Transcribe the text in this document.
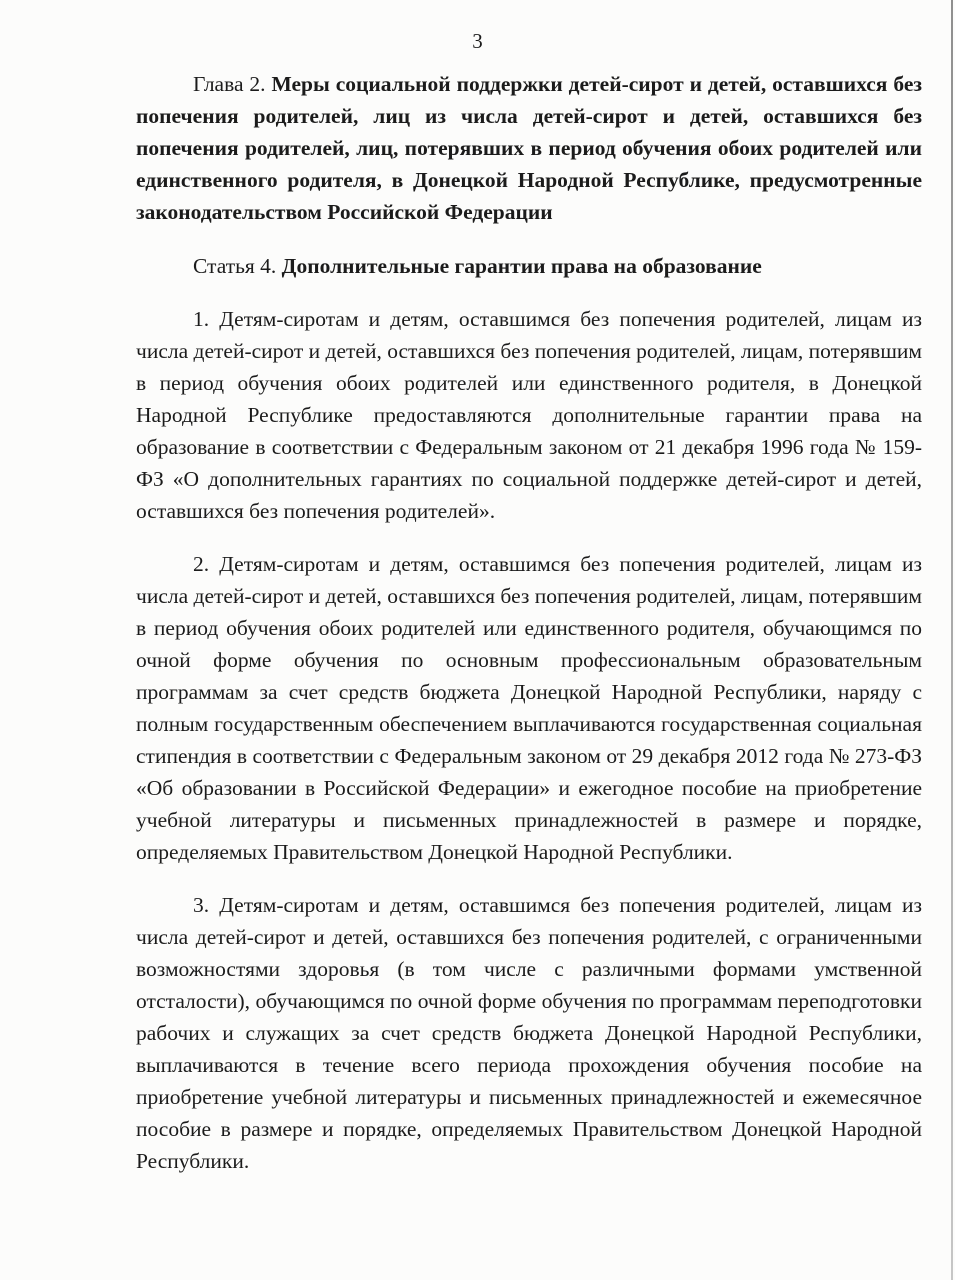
3

Глава 2. Меры социальной поддержки детей-сирот и детей, оставшихся без попечения родителей, лиц из числа детей-сирот и детей, оставшихся без попечения родителей, лиц, потерявших в период обучения обоих родителей или единственного родителя, в Донецкой Народной Республике, предусмотренные законодательством Российской Федерации

Статья 4. Дополнительные гарантии права на образование

1. Детям-сиротам и детям, оставшимся без попечения родителей, лицам из числа детей-сирот и детей, оставшихся без попечения родителей, лицам, потерявшим в период обучения обоих родителей или единственного родителя, в Донецкой Народной Республике предоставляются дополнительные гарантии права на образование в соответствии с Федеральным законом от 21 декабря 1996 года № 159-ФЗ «О дополнительных гарантиях по социальной поддержке детей-сирот и детей, оставшихся без попечения родителей».

2. Детям-сиротам и детям, оставшимся без попечения родителей, лицам из числа детей-сирот и детей, оставшихся без попечения родителей, лицам, потерявшим в период обучения обоих родителей или единственного родителя, обучающимся по очной форме обучения по основным профессиональным образовательным программам за счет средств бюджета Донецкой Народной Республики, наряду с полным государственным обеспечением выплачиваются государственная социальная стипендия в соответствии с Федеральным законом от 29 декабря 2012 года № 273-ФЗ «Об образовании в Российской Федерации» и ежегодное пособие на приобретение учебной литературы и письменных принадлежностей в размере и порядке, определяемых Правительством Донецкой Народной Республики.

3. Детям-сиротам и детям, оставшимся без попечения родителей, лицам из числа детей-сирот и детей, оставшихся без попечения родителей, с ограниченными возможностями здоровья (в том числе с различными формами умственной отсталости), обучающимся по очной форме обучения по программам переподготовки рабочих и служащих за счет средств бюджета Донецкой Народной Республики, выплачиваются в течение всего периода прохождения обучения пособие на приобретение учебной литературы и письменных принадлежностей и ежемесячное пособие в размере и порядке, определяемых Правительством Донецкой Народной Республики.
